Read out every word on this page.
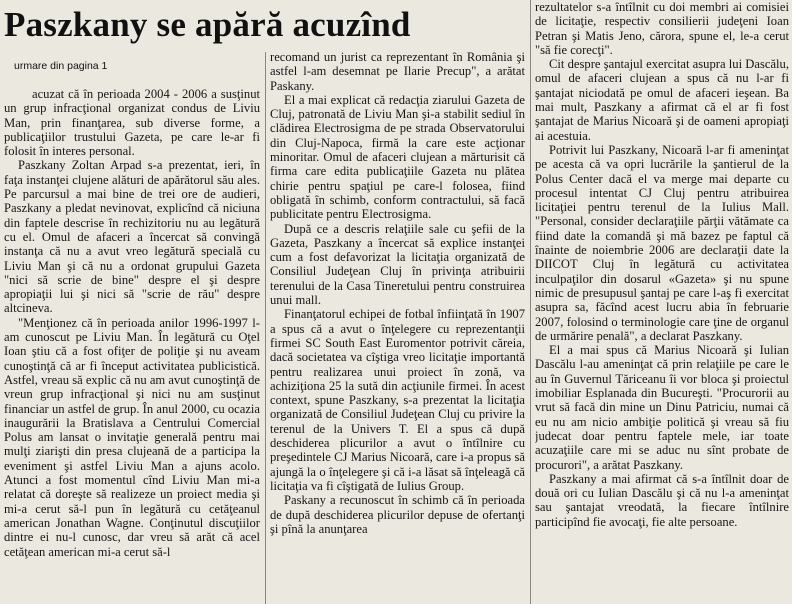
Paszkany se apără acuzînd
urmare din pagina 1

acuzat că în perioada 2004 - 2006 a susţinut un grup infracţional organizat condus de Liviu Man, prin finanţarea, sub diverse forme, a publicaţiilor trustului Gazeta, pe care le-ar fi folosit în interes personal.

Paszkany Zoltan Arpad s-a prezentat, ieri, în faţa instanţei clujene alături de apărătorul său ales. Pe parcursul a mai bine de trei ore de audieri, Paszkany a pledat nevinovat, explicînd că niciuna din faptele descrise în rechizitoriu nu au legătură cu el. Omul de afaceri a încercat să convingă instanţa că nu a avut vreo legătură specială cu Liviu Man şi că nu a ordonat grupului Gazeta "nici să scrie de bine" despre el şi despre apropiaţii lui şi nici să "scrie de rău" despre altcineva.

"Menţionez că în perioada anilor 1996-1997 l-am cunoscut pe Liviu Man. În legătură cu Oţel Ioan ştiu că a fost ofiţer de poliţie şi nu aveam cunoştinţă că ar fi început activitatea publicistică. Astfel, vreau să explic că nu am avut cunoştinţă de vreun grup infracţional şi nici nu am susţinut financiar un astfel de grup. În anul 2000, cu ocazia inaugurării la Bratislava a Centrului Comercial Polus am lansat o invitaţie generală pentru mai mulţi ziarişti din presa clujeană de a participa la eveniment şi astfel Liviu Man a ajuns acolo. Atunci a fost momentul cînd Liviu Man mi-a relatat că doreşte să realizeze un proiect media şi mi-a cerut să-l pun în legătură cu cetăţeanul american Jonathan Wagne. Conţinutul discuţiilor dintre ei nu-l cunosc, dar vreu să arăt că acel cetăţean american mi-a cerut să-l

recomand un jurist ca reprezentant în România şi astfel l-am desemnat pe Ilarie Precup", a arătat Paskany.

El a mai explicat că redacţia ziarului Gazeta de Cluj, patronată de Liviu Man şi-a stabilit sediul în clădirea Electrosigma de pe strada Observatorului din Cluj-Napoca, firmă la care este acţionar minoritar. Omul de afaceri clujean a mărturisit că firma care edita publicaţiile Gazeta nu plătea chirie pentru spaţiul pe care-l folosea, fiind obligată în schimb, conform contractului, să facă publicitate pentru Electrosigma.

După ce a descris relaţiile sale cu şefii de la Gazeta, Paszkany a încercat să explice instanţei cum a fost defavorizat la licitaţia organizată de Consiliul Judeţean Cluj în privinţa atribuirii terenului de la Casa Tineretului pentru construirea unui mall.

Finanţatorul echipei de fotbal înfiinţată în 1907 a spus că a avut o înţelegere cu reprezentanţii firmei SC South East Euromentor potrivit căreia, dacă societatea va cîştiga vreo licitaţie importantă pentru realizarea unui proiect în zonă, va achiziţiona 25 la sută din acţiunile firmei. În acest context, spune Paszkany, s-a prezentat la licitaţia organizată de Consiliul Judeţean Cluj cu privire la terenul de la Univers T. El a spus că după deschiderea plicurilor a avut o întîlnire cu preşedintele CJ Marius Nicoară, care i-a propus să ajungă la o înţelegere şi că i-a lăsat să înţeleagă că licitaţia va fi cîştigată de Iulius Group.

Paskany a recunoscut în schimb că în perioada de după deschiderea plicurilor depuse de ofertanţi şi pînă la anunţarea

rezultatelor s-a întîlnit cu doi membri ai comisiei de licitaţie, respectiv consilierii judeţeni Ioan Petran şi Matis Jeno, cărora, spune el, le-a cerut "să fie corecţi".

Cit despre şantajul exercitat asupra lui Dascălu, omul de afaceri clujean a spus că nu l-ar fi şantajat niciodată pe omul de afaceri ieşean. Ba mai mult, Paszkany a afirmat că el ar fi fost şantajat de Marius Nicoară şi de oameni apropiaţi ai acestuia.

Potrivit lui Paszkany, Nicoară l-ar fi ameninţat pe acesta că va opri lucrările la şantierul de la Polus Center dacă el va merge mai departe cu procesul intentat CJ Cluj pentru atribuirea licitaţiei pentru terenul de la Iulius Mall. "Personal, consider declaraţiile părţii vătămate ca fiind date la comandă şi mă bazez pe faptul că înainte de noiembrie 2006 are declaraţii date la DIICOT Cluj în legătură cu activitatea inculpaţilor din dosarul «Gazeta» şi nu spune nimic de presupusul şantaj pe care l-aş fi exercitat asupra sa, făcînd acest lucru abia în februarie 2007, folosind o terminologie care ţine de organul de urmărire penală", a declarat Paszkany.

El a mai spus că Marius Nicoară şi Iulian Dascălu l-au ameninţat că prin relaţiile pe care le au în Guvernul Tăriceanu îi vor bloca şi proiectul imobiliar Esplanada din Bucureşti. "Procurorii au vrut să facă din mine un Dinu Patriciu, numai că eu nu am nicio ambiţie politică şi vreau să fiu judecat doar pentru faptele mele, iar toate acuzaţiile care mi se aduc nu sînt probate de procurori", a arătat Paszkany.

Paszkany a mai afirmat că s-a întîlnit doar de două ori cu Iulian Dascălu şi că nu l-a ameninţat sau şantajat vreodată, la fiecare întîlnire participînd fie avocaţi, fie alte persoane.
